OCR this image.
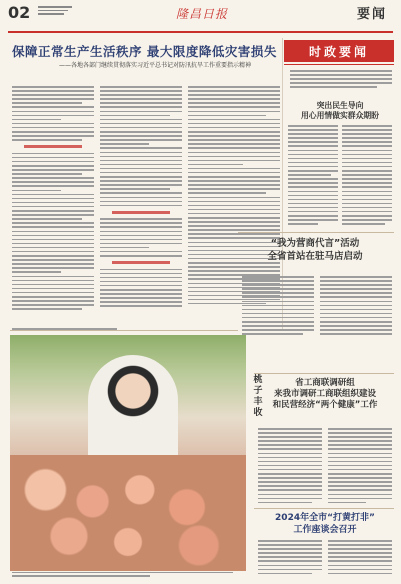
02	隆昌日报	要闻
保障正常生产生活秩序 最大限度降低灾害损失
——各地各部门继续贯彻落实习近平总书记对防汛抗旱工作重要指示精神
时政要闻
突出民生导向
用心用情做实群众期盼
“我为营商代言”活动
全省首站在驻马店启动
桃子丰收
省工商联调研组
来我市调研工商联组织建设
和民营经济“两个健康”工作
2024年全市“打黄打非”
工作座谈会召开
